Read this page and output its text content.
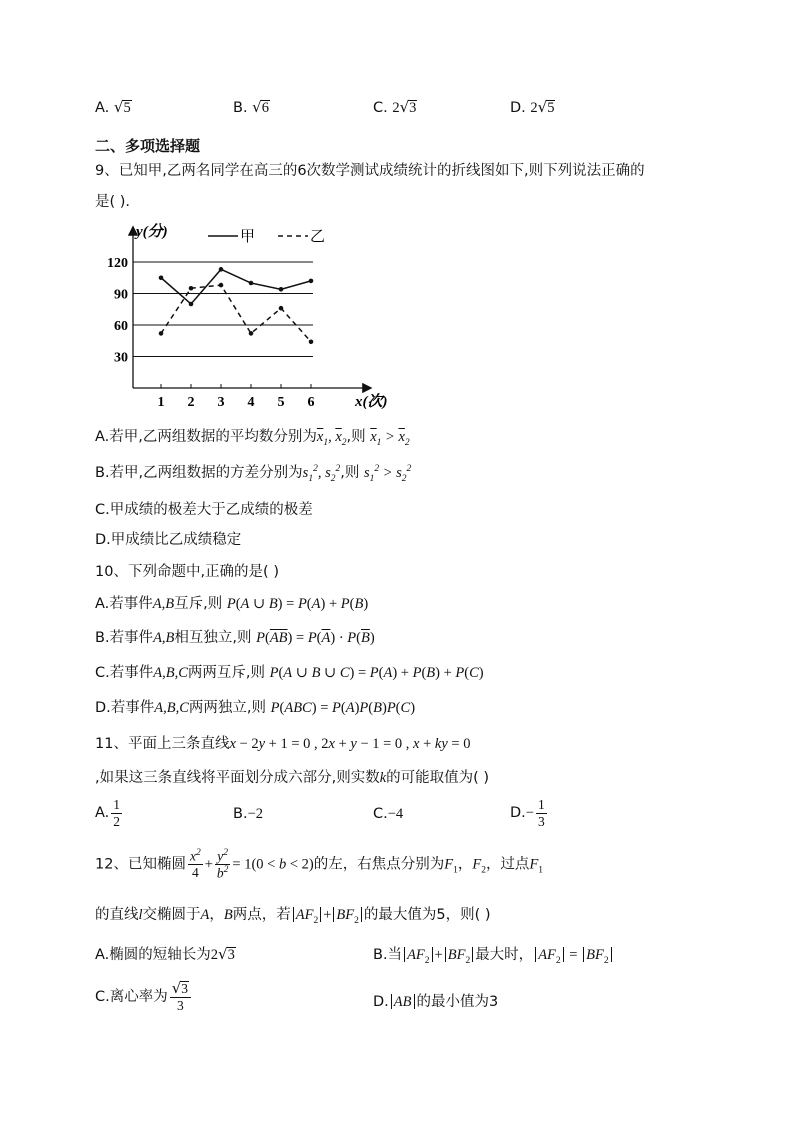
A. √5	B. √6	C. 2√3	D. 2√5
二、多项选择题
9、已知甲,乙两名同学在高三的6次数学测试成绩统计的折线图如下,则下列说法正确的
是( ).
y(分)
x(次)
甲	乙
30
60
90
120
1 2 3 4 5 6
A.若甲,乙两组数据的平均数分别为$\overline{x}_1$, $\overline{x}_2$,则 $\overline{x}_1 > \overline{x}_2$
B.若甲,乙两组数据的方差分别为$s_1^2$, $s_2^2$,则 $s_1^2 > s_2^2$
C.甲成绩的极差大于乙成绩的极差
D.甲成绩比乙成绩稳定
10、下列命题中,正确的是( )
A.若事件A,B互斥,则 P(A ∪ B) = P(A) + P(B)
B.若事件A,B相互独立,则 $P(\overline{AB}) = P(\overline{A}) \cdot P(\overline{B})$
C.若事件A,B,C两两互斥,则 P(A ∪ B ∪ C) = P(A) + P(B) + P(C)
D.若事件A,B,C两两独立,则 P(ABC) = P(A)P(B)P(C)
11、平面上三条直线x − 2y + 1 = 0 , 2x + y − 1 = 0 , x + ky = 0
,如果这三条直线将平面划分成六部分,则实数k的可能取值为( )
A. $\frac{1}{2}$	B.−2	C.−4	$D.- \frac{1}{3}$
12、已知椭圆 $\frac{x^2}{4} + \frac{y^2}{b^2} = 1(0 < b < 2)$的左，右焦点分别为$F_1$，$F_2$，过点$F_1$
的直线l交椭圆于A，B两点，若 $AF_2 + BF_2$ 的最大值为5，则( )
A.椭圆的短轴长为2√3	B.当 $AF_2 + BF_2$ 最大时， $AF_2 = BF_2$
C.离心率为 $\frac{√3}{3}$	D. AB 的最小值为3
